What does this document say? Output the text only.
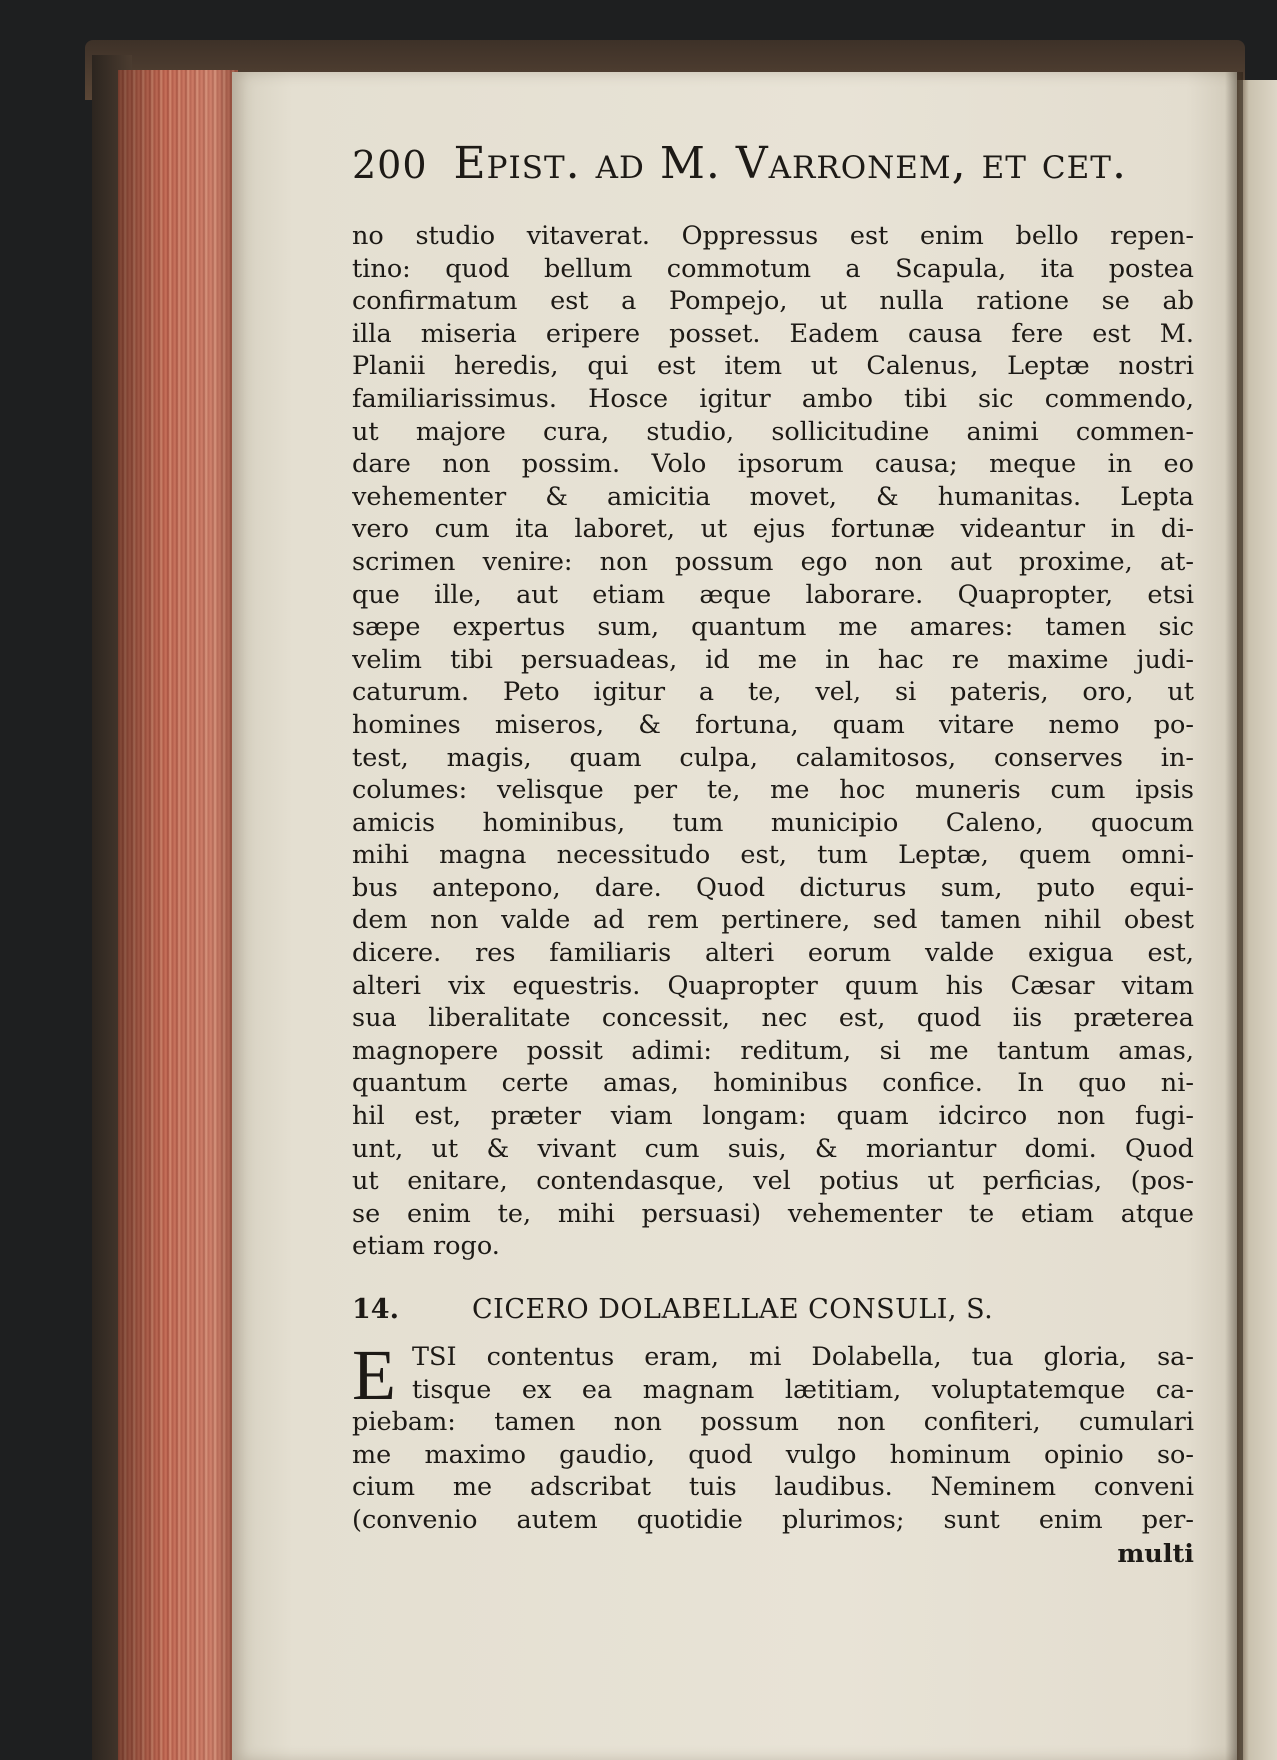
200 Epist. ad M. Varronem, et cet.
no studio vitaverat. Oppressus est enim bello repen-
tino: quod bellum commotum a Scapula, ita postea
confirmatum est a Pompejo, ut nulla ratione se ab
illa miseria eripere posset. Eadem causa fere est M.
Planii heredis, qui est item ut Calenus, Leptæ nostri
familiarissimus. Hosce igitur ambo tibi sic commendo,
ut majore cura, studio, sollicitudine animi commen-
dare non possim. Volo ipsorum causa; meque in eo
vehementer & amicitia movet, & humanitas. Lepta
vero cum ita laboret, ut ejus fortunæ videantur in di-
scrimen venire: non possum ego non aut proxime, at-
que ille, aut etiam æque laborare. Quapropter, etsi
sæpe expertus sum, quantum me amares: tamen sic
velim tibi persuadeas, id me in hac re maxime judi-
caturum. Peto igitur a te, vel, si pateris, oro, ut
homines miseros, & fortuna, quam vitare nemo po-
test, magis, quam culpa, calamitosos, conserves in-
columes: velisque per te, me hoc muneris cum ipsis
amicis hominibus, tum municipio Caleno, quocum
mihi magna necessitudo est, tum Leptæ, quem omni-
bus antepono, dare. Quod dicturus sum, puto equi-
dem non valde ad rem pertinere, sed tamen nihil obest
dicere. res familiaris alteri eorum valde exigua est,
alteri vix equestris. Quapropter quum his Cæsar vitam
sua liberalitate concessit, nec est, quod iis præterea
magnopere possit adimi: reditum, si me tantum amas,
quantum certe amas, hominibus confice. In quo ni-
hil est, præter viam longam: quam idcirco non fugi-
unt, ut & vivant cum suis, & moriantur domi. Quod
ut enitare, contendasque, vel potius ut perficias, (pos-
se enim te, mihi persuasi) vehementer te etiam atque
etiam rogo.
14.	CICERO DOLABELLAE CONSULI, S.
E TSI contentus eram, mi Dolabella, tua gloria, sa-
tisque ex ea magnam lætitiam, voluptatemque ca-
piebam: tamen non possum non confiteri, cumulari
me maximo gaudio, quod vulgo hominum opinio so-
cium me adscribat tuis laudibus. Neminem conveni
(convenio autem quotidie plurimos; sunt enim per-
multi
